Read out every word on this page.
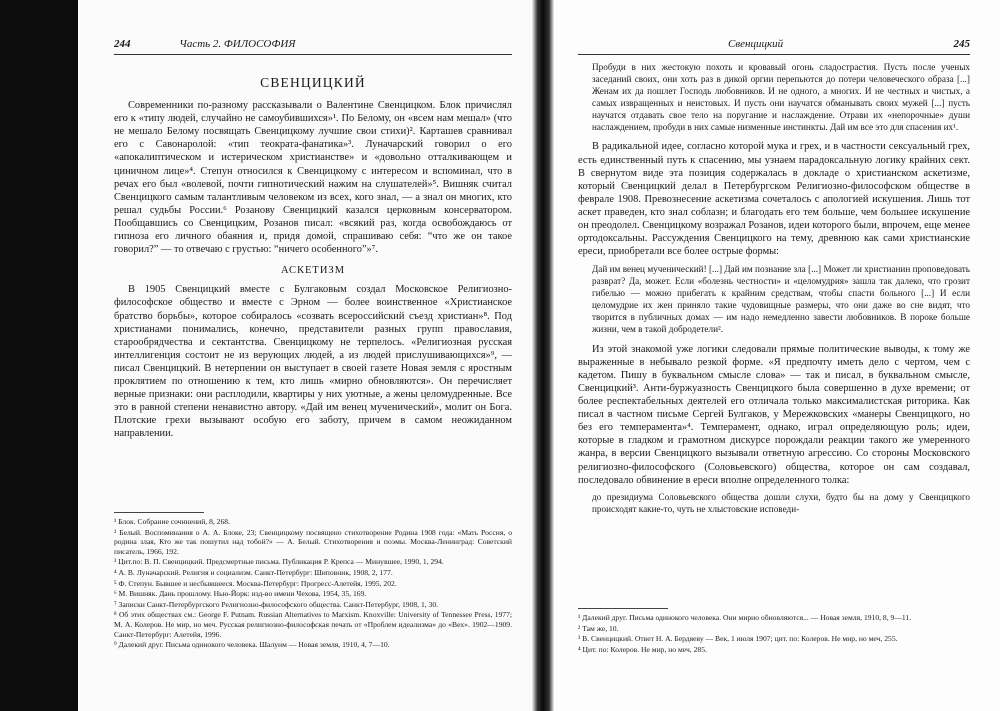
244	Часть 2. ФИЛОСОФИЯ
СВЕНЦИЦКИЙ

Современники по-разному рассказывали о Валентине Свенцицком. Блок причислял его к «типу людей, случайно не самоубившихся»¹. По Белому, он «всем нам мешал» (что не мешало Белому посвящать Свенцицкому лучшие свои стихи)². Карташев сравнивал его с Савонаролой: «тип теократа-фанатика»³. Луначарский говорил о его «апокалиптическом и истерическом христианстве» и «довольно отталкивающем и циничном лице»⁴. Степун относился к Свенцицкому с интересом и вспоминал, что в речах его был «волевой, почти гипнотический нажим на слушателей»⁵. Вишняк считал Свенцицкого самым талантливым человеком из всех, кого знал, — а знал он многих, кто решал судьбы России.⁶ Розанову Свенцицкий казался церковным консерватором. Пообщавшись со Свенцицким, Розанов писал: «всякий раз, когда освобождаюсь от гипноза его личного обаяния и, придя домой, спрашиваю себя: “что же он такое говорил?” — то отвечаю с грустью: “ничего особенного”»⁷.

АСКЕТИЗМ

В 1905 Свенцицкий вместе с Булгаковым создал Московское Религиозно-философское общество и вместе с Эрном — более воинственное «Христианское братство борьбы», которое собиралось «созвать всероссийский съезд христиан»⁸. Под христианами понимались, конечно, представители разных групп православия, старообрядчества и сектантства. Свенцицкому не терпелось. «Религиозная русская интеллигенция состоит не из верующих людей, а из людей прислушивающихся»⁹, — писал Свенцицкий. В нетерпении он выступает в своей газете Новая земля с яростным проклятием по отношению к тем, кто лишь «мирно обновляются». Он перечисляет верные признаки: они расплодили, квартиры у них уютные, а жены целомудренные. Все это в равной степени ненавистно автору. «Дай им венец мученический», молит он Бога. Плотские грехи вызывают особую его заботу, причем в самом неожиданном направлении.

¹ Блок. Собрание сочинений, 8, 268.

² Белый. Воспоминания о А. А. Блоке, 23; Свенцицкому посвящено стихотворение Родина 1908 года: «Мать Россия, о родина злая, Кто же так пошутил над тобой?» — А. Белый. Стихотворения и поэмы. Москва-Ленинград: Советский писатель, 1966, 192.

³ Цит.по: В. П. Свенцицкий. Предсмертные письма. Публикация Р. Крепса — Минувшее, 1990, 1, 294.

⁴ А. В. Луначарский. Религия и социализм. Санкт-Петербург: Шиповник, 1908, 2, 177.

⁵ Ф. Степун. Бывшее и несбывшееся. Москва-Петербург: Прогресс-Алетейя, 1995, 202.

⁶ М. Вишняк. Дань прошлому. Нью-Йорк: изд-во имени Чехова, 1954, 35, 169.

⁷ Записки Санкт-Петербургского Религиозно-философского общества. Санкт-Петербург, 1908, 1, 30.

⁸ Об этих обществах см.: George F. Putnam. Russian Alternatives to Marxism. Knoxville: University of Tennessee Press, 1977; М. А. Колеров. Не мир, но меч. Русская религиозно-философская печать от «Проблем идеализма» до «Вех». 1902—1909. Санкт-Петербург: Алетейя, 1996.

⁹ Далекий друг. Письма одинокого человека. Шалунм — Новая земля, 1910, 4, 7—10.

Свенцицкий	245

Пробуди в них жестокую похоть и кровавый огонь сладострастия. Пусть после ученых заседаний своих, они хоть раз в дикой оргии перепьются до потери человеческого образа [...] Женам их да пошлет Господь любовников. И не одного, а многих. И не честных и чистых, а самых извращенных и неистовых. И пусть они научатся обманывать своих мужей [...] пусть научатся отдавать свое тело на поругание и наслаждение. Отрави их «непорочные» души наслаждением, пробуди в них самые низменные инстинкты. Дай им все это для спасения их¹.

В радикальной идее, согласно которой мука и грех, и в частности сексуальный грех, есть единственный путь к спасению, мы узнаем парадоксальную логику крайних сект. В свернутом виде эта позиция содержалась в докладе о христианском аскетизме, который Свенцицкий делал в Петербургском Религиозно-философском обществе в феврале 1908. Превознесение аскетизма сочеталось с апологией искушения. Лишь тот аскет праведен, кто знал соблазн; и благодать его тем больше, чем большее искушение он преодолел. Свенцицкому возражал Розанов, идеи которого были, впрочем, еще менее ортодоксальны. Рассуждения Свенцицкого на тему, древнюю как сами христианские ереси, приобретали все более острые формы:

Дай им венец мученический! [...] Дай им познание зла [...] Может ли христианин проповедовать разврат? Да, может. Если «болезнь честности» и «целомудрия» зашла так далеко, что грозит гибелью — можно прибегать к крайним средствам, чтобы спасти больного [...] И если целомудрие их жен приняло такие чудовищные размеры, что они даже во сне видят, что творится в публичных домах — им надо немедленно завести любовников. В пороке больше жизни, чем в такой добродетели².

Из этой знакомой уже логики следовали прямые политические выводы, к тому же выраженные в небывало резкой форме. «Я предпочту иметь дело с чертом, чем с кадетом. Пишу в буквальном смысле слова» — так и писал, в буквальном смысле, Свенцицкий³. Анти-буржуазность Свенцицкого была совершенно в духе времени; от более респектабельных деятелей его отличала только максималистская риторика. Как писал в частном письме Сергей Булгаков, у Мережковских «манеры Свенцицкого, но без его темперамента»⁴. Темперамент, однако, играл определяющую роль; идеи, которые в гладком и грамотном дискурсе порождали реакции такого же умеренного жанра, в версии Свенцицкого вызывали ответную агрессию. Со стороны Московского религиозно-философского (Соловьевского) общества, которое он сам создавал, последовало обвинение в ереси вполне определенного толка:

до президиума Соловьевского общества дошли слухи, будто бы на дому у Свенцицкого происходят какие-то, чуть не хлыстовские исповеди-

¹ Далекий друг. Письма одинокого человека. Они мирно обновляются... — Новая земля, 1910, 8, 9—11.

² Там же, 10.

³ В. Свенцицкий. Ответ Н. А. Бердяеву — Век, 1 июля 1907; цит. по: Колеров. Не мир, но меч, 255.

⁴ Цит. по: Колеров. Не мир, но меч, 285.
